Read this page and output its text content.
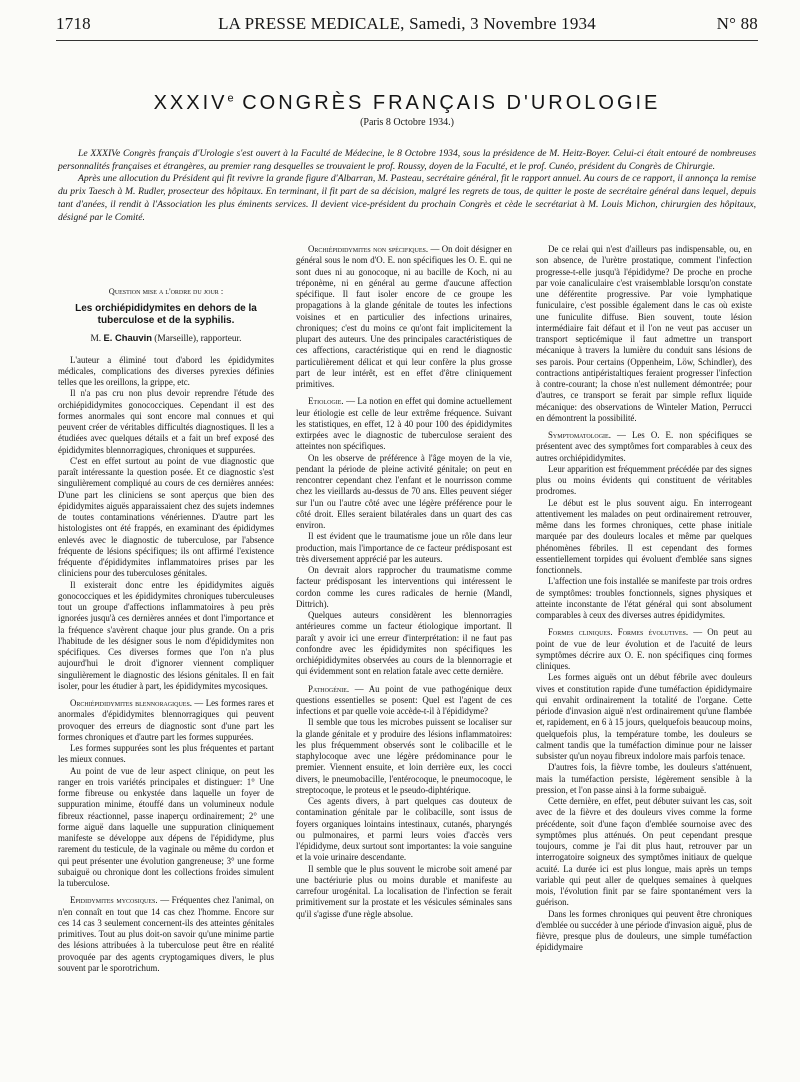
1718	LA PRESSE MEDICALE, Samedi, 3 Novembre 1934	N° 88
XXXIVe CONGRÈS FRANÇAIS D'UROLOGIE
(Paris 8 Octobre 1934.)

Le XXXIVe Congrès français d'Urologie s'est ouvert à la Faculté de Médecine, le 8 Octobre 1934, sous la présidence de M. Heitz-Boyer. Celui-ci était entouré de nombreuses personnalités françaises et étrangères, au premier rang desquelles se trouvaient le prof. Roussy, doyen de la Faculté, et le prof. Cunéo, président du Congrès de Chirurgie.

Après une allocution du Président qui fit revivre la grande figure d'Albarran, M. Pasteau, secrétaire général, fit le rapport annuel. Au cours de ce rapport, il annonça la remise du prix Taesch à M. Rudler, prosecteur des hôpitaux. En terminant, il fit part de sa décision, malgré les regrets de tous, de quitter le poste de secrétaire général dans lequel, depuis tant d'anées, il rendit à l'Association les plus éminents services. Il devient vice-président du prochain Congrès et cède le secrétariat à M. Louis Michon, chirurgien des hôpitaux, désigné par le Comité.

Question mise a l'ordre du jour :
Les orchiépididymites en dehors de la tuberculose et de la syphilis.
M. E. Chauvin (Marseille), rapporteur.

L'auteur a éliminé tout d'abord les épididymites médicales, complications des diverses pyrexies définies telles que les oreillons, la grippe, etc.

Il n'a pas cru non plus devoir reprendre l'étude des orchiépididymites gonococciques. Cependant il est des formes anormales qui sont encore mal connues et qui peuvent créer de véritables difficultés diagnostiques. Il les a étudiées avec quelques détails et a fait un bref exposé des épididymites blennorragiques, chroniques et suppurées.

C'est en effet surtout au point de vue diagnostic que paraît intéressante la question posée. Et ce diagnostic s'est singulièrement compliqué au cours de ces dernières années: D'une part les cliniciens se sont aperçus que bien des épididymites aiguës apparaissaient chez des sujets indemnes de toutes contaminations vénériennes. D'autre part les histologistes ont été frappés, en examinant des épididymes enlevés avec le diagnostic de tuberculose, par l'absence fréquente de lésions spécifiques; ils ont affirmé l'existence fréquente d'épididymites inflammatoires prises par les cliniciens pour des tuberculoses génitales.

Il existerait donc entre les épididymites aiguës gonococciques et les épididymites chroniques tuberculeuses tout un groupe d'affections inflammatoires à peu près ignorées jusqu'à ces dernières années et dont l'importance et la fréquence s'avèrent chaque jour plus grande. On a pris l'habitude de les désigner sous le nom d'épididymites non spécifiques. Ces diverses formes que l'on n'a plus aujourd'hui le droit d'ignorer viennent compliquer singulièrement le diagnostic des lésions génitales. Il en fait isoler, pour les étudier à part, les épididymites mycosiques.

Orchiépididymites blennoragiques. — Les formes rares et anormales d'épididymites blennorragiques qui peuvent provoquer des erreurs de diagnostic sont d'une part les formes chroniques et d'autre part les formes suppurées.

Les formes suppurées sont les plus fréquentes et partant les mieux connues.

Au point de vue de leur aspect clinique, on peut les ranger en trois variétés principales et distinguer: 1° Une forme fibreuse ou enkystée dans laquelle un foyer de suppuration minime, étouffé dans un volumineux nodule fibreux réactionnel, passe inaperçu ordinairement; 2° une forme aiguë dans laquelle une suppuration cliniquement manifeste se développe aux dépens de l'épididyme, plus rarement du testicule, de la vaginale ou même du cordon et qui peut présenter une évolution gangreneuse; 3° une forme subaiguë ou chronique dont les collections froides simulent la tuberculose.

Epididymites mycosiques. — Fréquentes chez l'animal, on n'en connaît en tout que 14 cas chez l'homme. Encore sur ces 14 cas 3 seulement concernent-ils des atteintes génitales primitives. Tout au plus doit-on savoir qu'une minime partie des lésions attribuées à la tuberculose peut être en réalité provoquée par des agents cryptogamiques divers, le plus souvent par le sporotrichum.

Orchiépididymites non spécifiques. — On doit désigner en général sous le nom d'O. E. non spécifiques les O. E. qui ne sont dues ni au gonocoque, ni au bacille de Koch, ni au tréponème, ni en général au germe d'aucune affection spécifique. Il faut isoler encore de ce groupe les propagations à la glande génitale de toutes les infections voisines et en particulier des infections urinaires, chroniques; c'est du moins ce qu'ont fait implicitement la plupart des auteurs. Une des principales caractéristiques de ces affections, caractéristique qui en rend le diagnostic particulièrement délicat et qui leur confère la plus grosse part de leur intérêt, est en effet d'être cliniquement primitives.

Etiologie. — La notion en effet qui domine actuellement leur étiologie est celle de leur extrême fréquence. Suivant les statistiques, en effet, 12 à 40 pour 100 des épididymites extirpées avec le diagnostic de tuberculose seraient des atteintes non spécifiques.

On les observe de préférence à l'âge moyen de la vie, pendant la période de pleine activité génitale; on peut en rencontrer cependant chez l'enfant et le nourrisson comme chez les vieillards au-dessus de 70 ans. Elles peuvent siéger sur l'un ou l'autre côté avec une légère préférence pour le côté droit. Elles seraient bilatérales dans un quart des cas environ.

Il est évident que le traumatisme joue un rôle dans leur production, mais l'importance de ce facteur prédisposant est très diversement apprécié par les auteurs.

On devrait alors rapprocher du traumatisme comme facteur prédisposant les interventions qui intéressent le cordon comme les cures radicales de hernie (Mandl, Dittrich).

Quelques auteurs considèrent les blennorragies antérieures comme un facteur étiologique important. Il paraît y avoir ici une erreur d'interprétation: il ne faut pas confondre avec les épididymites non spécifiques les orchiépididymites observées au cours de la blennorragie et qui évidemment sont en relation fatale avec cette dernière.

Pathogénie. — Au point de vue pathogénique deux questions essentielles se posent: Quel est l'agent de ces infections et par quelle voie accède-t-il à l'épididyme?

Il semble que tous les microbes puissent se localiser sur la glande génitale et y produire des lésions inflammatoires: les plus fréquemment observés sont le colibacille et le staphylocoque avec une légère prédominance pour le premier. Viennent ensuite, et loin derrière eux, les cocci divers, le pneumobacille, l'entérocoque, le pneumocoque, le streptocoque, le proteus et le pseudo-diphtérique.

Ces agents divers, à part quelques cas douteux de contamination génitale par le colibacille, sont issus de foyers organiques lointains intestinaux, cutanés, pharyngés ou pulmonaires, et parmi leurs voies d'accès vers l'épididyme, deux surtout sont importantes: la voie sanguine et la voie urinaire descendante.

Il semble que le plus souvent le microbe soit amené par une bactériurie plus ou moins durable et manifeste au carrefour urogénital. La localisation de l'infection se ferait primitivement sur la prostate et les vésicules séminales sans qu'il s'agisse d'une règle absolue.

De ce relai qui n'est d'ailleurs pas indispensable, ou, en son absence, de l'urètre prostatique, comment l'infection progresse-t-elle jusqu'à l'épididyme? De proche en proche par voie canaliculaire c'est vraisemblable lorsqu'on constate une déférentite progressive. Par voie lymphatique funiculaire, c'est possible également dans le cas où existe une funiculite diffuse. Bien souvent, toute lésion intermédiaire fait défaut et il l'on ne veut pas accuser un transport septicémique il faut admettre un transport mécanique à travers la lumière du conduit sans lésions de ses parois. Pour certains (Oppenheim, Löw, Schindler), des contractions antipéristaltiques feraient progresser l'infection à contre-courant; la chose n'est nullement démontrée; pour d'autres, ce transport se ferait par simple reflux liquide mécanique: des observations de Winteler Mation, Perrucci en démontrent la possibilité.

Symptomatologie. — Les O. E. non spécifiques se présentent avec des symptômes fort comparables à ceux des autres orchiépididymites.

Leur apparition est fréquemment précédée par des signes plus ou moins évidents qui constituent de véritables prodromes.

Le début est le plus souvent aigu. En interrogeant attentivement les malades on peut ordinairement retrouver, même dans les formes chroniques, cette phase initiale marquée par des douleurs locales et même par quelques phénomènes fébriles. Il est cependant des formes essentiellement torpides qui évoluent d'emblée sans signes fonctionnels.

L'affection une fois installée se manifeste par trois ordres de symptômes: troubles fonctionnels, signes physiques et atteinte inconstante de l'état général qui sont absolument comparables à ceux des diverses autres épididymites.

Formes cliniques. Formes évolutives. — On peut au point de vue de leur évolution et de l'acuité de leurs symptômes décrire aux O. E. non spécifiques cinq formes cliniques.

Les formes aiguës ont un début fébrile avec douleurs vives et constitution rapide d'une tuméfaction épididymaire qui envahit ordinairement la totalité de l'organe. Cette période d'invasion aiguë n'est ordinairement qu'une flambée et, rapidement, en 6 à 15 jours, quelquefois beaucoup moins, quelquefois plus, la température tombe, les douleurs se calment tandis que la tuméfaction diminue pour ne laisser subsister qu'un noyau fibreux indolore mais parfois tenace.

D'autres fois, la fièvre tombe, les douleurs s'atténuent, mais la tuméfaction persiste, légèrement sensible à la pression, et l'on passe ainsi à la forme subaiguë.

Cette dernière, en effet, peut débuter suivant les cas, soit avec de la fièvre et des douleurs vives comme la forme précédente, soit d'une façon d'emblée sournoise avec des symptômes plus atténués. On peut cependant presque toujours, comme je l'ai dit plus haut, retrouver par un interrogatoire soigneux des symptômes initiaux de quelque acuité. La durée ici est plus longue, mais après un temps variable qui peut aller de quelques semaines à quelques mois, l'évolution finit par se faire spontanément vers la guérison.

Dans les formes chroniques qui peuvent être chroniques d'emblée ou succéder à une période d'invasion aiguë, plus de fièvre, presque plus de douleurs, une simple tuméfaction épididymaire
